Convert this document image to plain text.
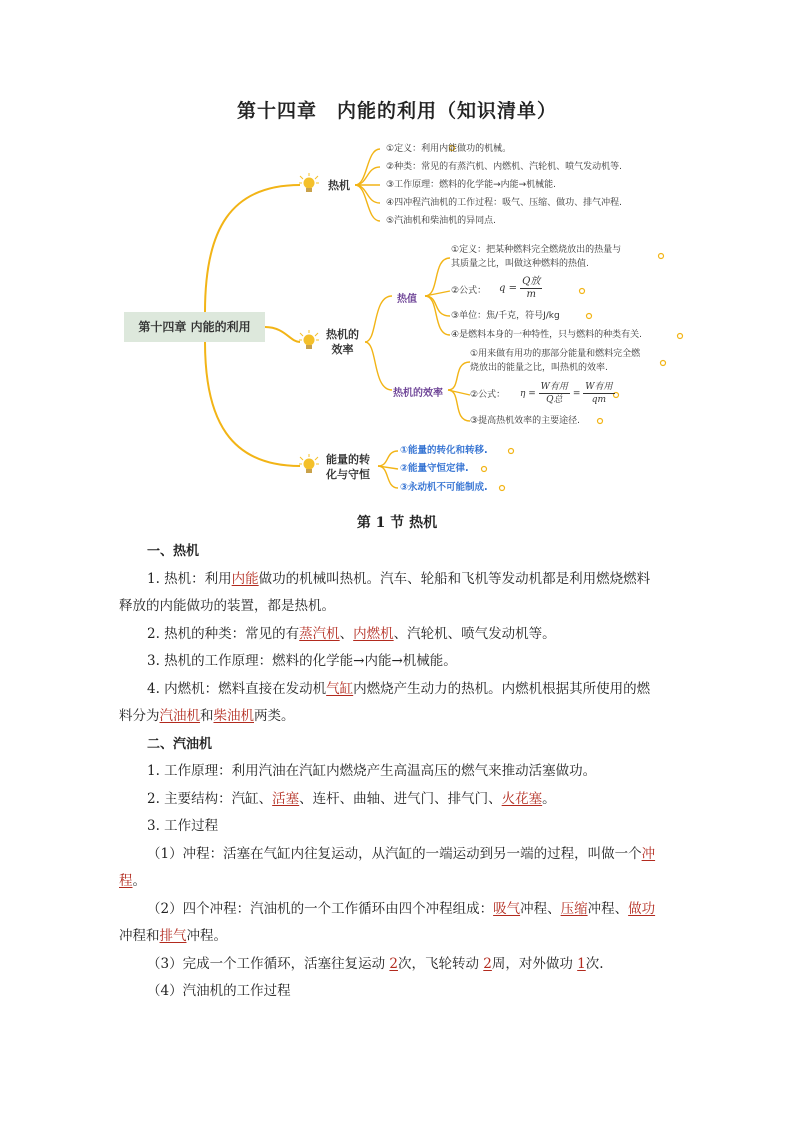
第十四章　内能的利用（知识清单）
第十四章 内能的利用
热机
热机的
效率
能量的转
化与守恒
①定义：利用内能做功的机械。
②种类：常见的有蒸汽机、内燃机、汽轮机、喷气发动机等.
③工作原理：燃料的化学能→内能→机械能.
④四冲程汽油机的工作过程：吸气、压缩、做功、排气冲程.
⑤汽油机和柴油机的异同点.
热值
热机的效率
①定义：把某种燃料完全燃烧放出的热量与
其质量之比，叫做这种燃料的热值.
②公式： $q = \frac{\text{Q放}}{m}$
③单位：焦/千克，符号J/kg
④是燃料本身的一种特性，只与燃料的种类有关.
①用来做有用功的那部分能量和燃料完全燃
烧放出的能量之比，叫热机的效率.
②公式： $\eta = \frac{\text{W有用}}{\text{Q总}} = \frac{\text{W有用}}{qm}$
③提高热机效率的主要途径.
①能量的转化和转移.
②能量守恒定律.
③永动机不可能制成.
第 1 节 热机

一、热机

1. 热机：利用内能做功的机械叫热机。汽车、轮船和飞机等发动机都是利用燃烧燃料

释放的内能做功的装置，都是热机。

2. 热机的种类：常见的有蒸汽机、内燃机、汽轮机、喷气发动机等。

3. 热机的工作原理：燃料的化学能→内能→机械能。

4. 内燃机：燃料直接在发动机气缸内燃烧产生动力的热机。内燃机根据其所使用的燃

料分为汽油机和柴油机两类。

二、汽油机

1. 工作原理：利用汽油在汽缸内燃烧产生高温高压的燃气来推动活塞做功。

2. 主要结构：汽缸、活塞、连杆、曲轴、进气门、排气门、火花塞。

3. 工作过程

（1）冲程：活塞在气缸内往复运动，从汽缸的一端运动到另一端的过程，叫做一个冲

程。

（2）四个冲程：汽油机的一个工作循环由四个冲程组成：吸气冲程、压缩冲程、做功

冲程和排气冲程。

（3）完成一个工作循环，活塞往复运动 2次，飞轮转动 2周，对外做功 1次.

（4）汽油机的工作过程
